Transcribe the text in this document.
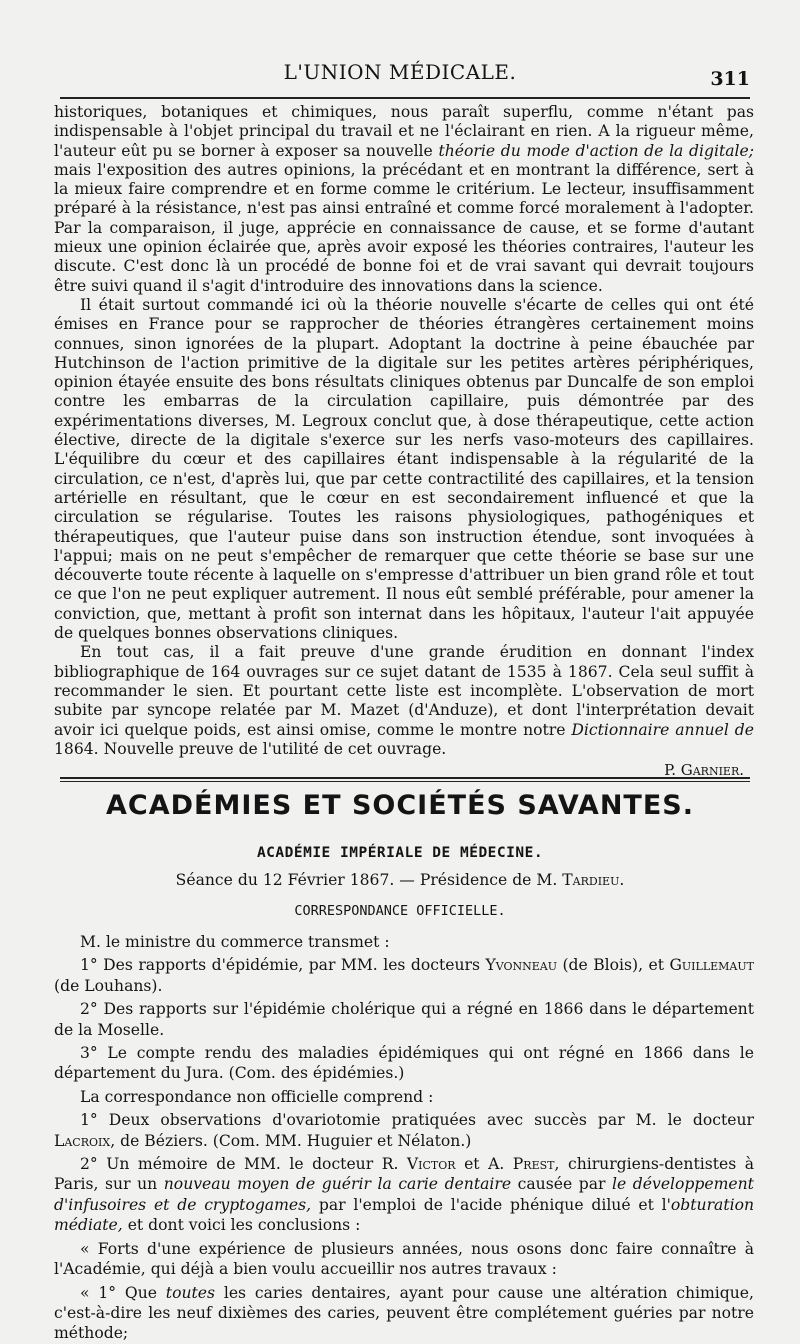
L'UNION MÉDICALE.	311

historiques, botaniques et chimiques, nous paraît superflu, comme n'étant pas indispensable à l'objet principal du travail et ne l'éclairant en rien. A la rigueur même, l'auteur eût pu se borner à exposer sa nouvelle théorie du mode d'action de la digitale; mais l'exposition des autres opinions, la précédant et en montrant la différence, sert à la mieux faire comprendre et en forme comme le critérium. Le lecteur, insuffisamment préparé à la résistance, n'est pas ainsi entraîné et comme forcé moralement à l'adopter. Par la comparaison, il juge, apprécie en connaissance de cause, et se forme d'autant mieux une opinion éclairée que, après avoir exposé les théories contraires, l'auteur les discute. C'est donc là un procédé de bonne foi et de vrai savant qui devrait toujours être suivi quand il s'agit d'introduire des innovations dans la science.

Il était surtout commandé ici où la théorie nouvelle s'écarte de celles qui ont été émises en France pour se rapprocher de théories étrangères certainement moins connues, sinon ignorées de la plupart. Adoptant la doctrine à peine ébauchée par Hutchinson de l'action primitive de la digitale sur les petites artères périphériques, opinion étayée ensuite des bons résultats cliniques obtenus par Duncalfe de son emploi contre les embarras de la circulation capillaire, puis démontrée par des expérimentations diverses, M. Legroux conclut que, à dose thérapeutique, cette action élective, directe de la digitale s'exerce sur les nerfs vaso-moteurs des capillaires. L'équilibre du cœur et des capillaires étant indispensable à la régularité de la circulation, ce n'est, d'après lui, que par cette contractilité des capillaires, et la tension artérielle en résultant, que le cœur en est secondairement influencé et que la circulation se régularise. Toutes les raisons physiologiques, pathogéniques et thérapeutiques, que l'auteur puise dans son instruction étendue, sont invoquées à l'appui; mais on ne peut s'empêcher de remarquer que cette théorie se base sur une découverte toute récente à laquelle on s'empresse d'attribuer un bien grand rôle et tout ce que l'on ne peut expliquer autrement. Il nous eût semblé préférable, pour amener la conviction, que, mettant à profit son internat dans les hôpitaux, l'auteur l'ait appuyée de quelques bonnes observations cliniques.

En tout cas, il a fait preuve d'une grande érudition en donnant l'index bibliographique de 164 ouvrages sur ce sujet datant de 1535 à 1867. Cela seul suffit à recommander le sien. Et pourtant cette liste est incomplète. L'observation de mort subite par syncope relatée par M. Mazet (d'Anduze), et dont l'interprétation devait avoir ici quelque poids, est ainsi omise, comme le montre notre Dictionnaire annuel de 1864. Nouvelle preuve de l'utilité de cet ouvrage.

P. Garnier.

ACADÉMIES ET SOCIÉTÉS SAVANTES.
ACADÉMIE IMPÉRIALE DE MÉDECINE.
Séance du 12 Février 1867. — Présidence de M. Tardieu.
CORRESPONDANCE OFFICIELLE.

M. le ministre du commerce transmet :

1° Des rapports d'épidémie, par MM. les docteurs Yvonneau (de Blois), et Guillemaut (de Louhans).

2° Des rapports sur l'épidémie cholérique qui a régné en 1866 dans le département de la Moselle.

3° Le compte rendu des maladies épidémiques qui ont régné en 1866 dans le département du Jura. (Com. des épidémies.)

La correspondance non officielle comprend :

1° Deux observations d'ovariotomie pratiquées avec succès par M. le docteur Lacroix, de Béziers. (Com. MM. Huguier et Nélaton.)

2° Un mémoire de MM. le docteur R. Victor et A. Prest, chirurgiens-dentistes à Paris, sur un nouveau moyen de guérir la carie dentaire causée par le développement d'infusoires et de cryptogames, par l'emploi de l'acide phénique dilué et l'obturation médiate, et dont voici les conclusions :

« Forts d'une expérience de plusieurs années, nous osons donc faire connaître à l'Académie, qui déjà a bien voulu accueillir nos autres travaux :

« 1° Que toutes les caries dentaires, ayant pour cause une altération chimique, c'est-à-dire les neuf dixièmes des caries, peuvent être complétement guéries par notre méthode;
